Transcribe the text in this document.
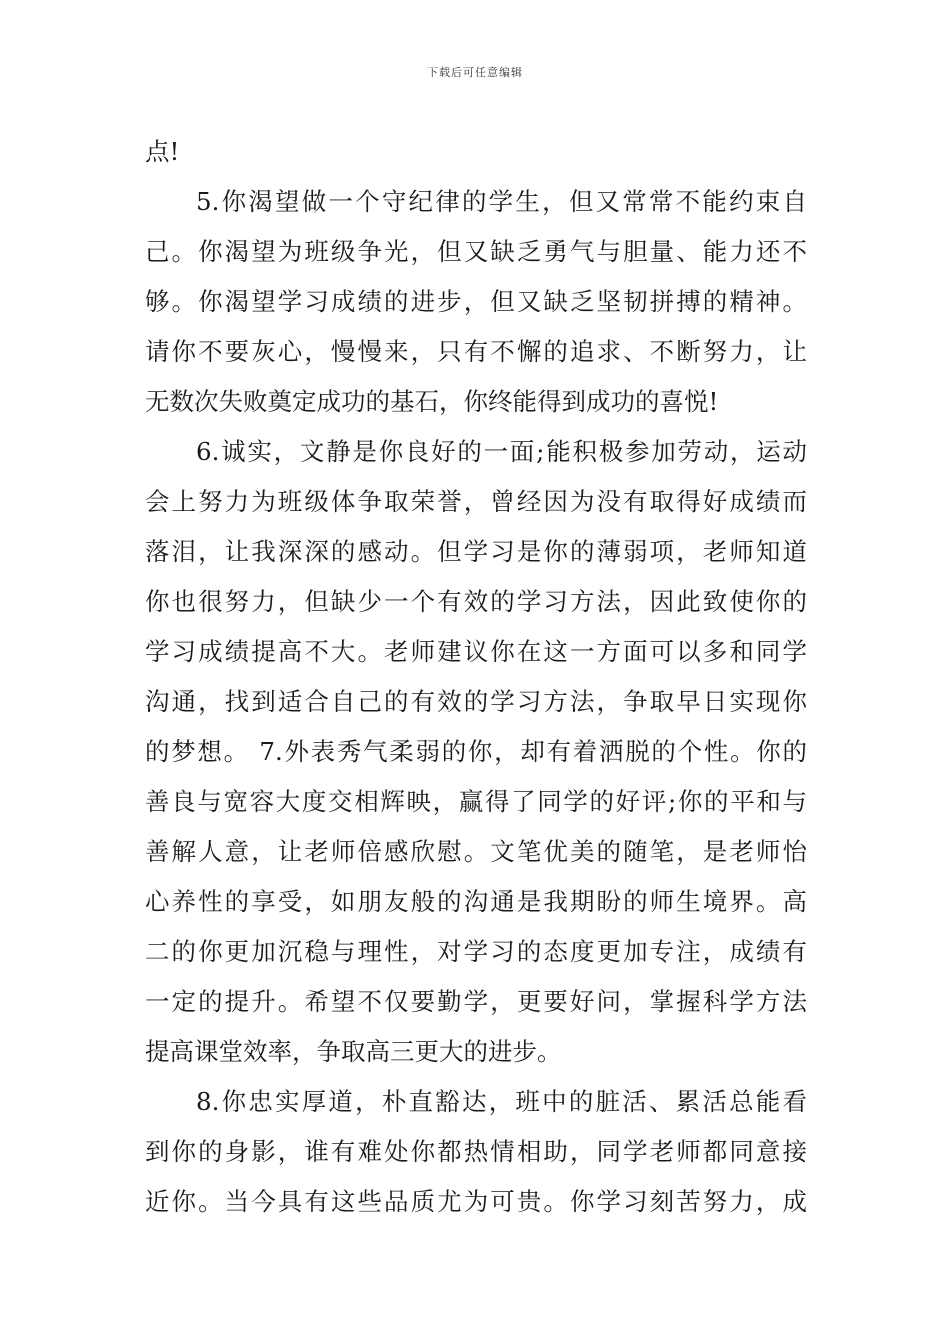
下载后可任意编辑
点!
5.你渴望做一个守纪律的学生，但又常常不能约束自
己。你渴望为班级争光，但又缺乏勇气与胆量、能力还不
够。你渴望学习成绩的进步，但又缺乏坚韧拼搏的精神。
请你不要灰心，慢慢来，只有不懈的追求、不断努力，让
无数次失败奠定成功的基石，你终能得到成功的喜悦!
6.诚实，文静是你良好的一面;能积极参加劳动，运动
会上努力为班级体争取荣誉，曾经因为没有取得好成绩而
落泪，让我深深的感动。但学习是你的薄弱项，老师知道
你也很努力，但缺少一个有效的学习方法，因此致使你的
学习成绩提高不大。老师建议你在这一方面可以多和同学
沟通，找到适合自己的有效的学习方法，争取早日实现你
的梦想。 7.外表秀气柔弱的你，却有着洒脱的个性。你的
善良与宽容大度交相辉映，赢得了同学的好评;你的平和与
善解人意，让老师倍感欣慰。文笔优美的随笔，是老师怡
心养性的享受，如朋友般的沟通是我期盼的师生境界。高
二的你更加沉稳与理性，对学习的态度更加专注，成绩有
一定的提升。希望不仅要勤学，更要好问，掌握科学方法
提高课堂效率，争取高三更大的进步。
8.你忠实厚道，朴直豁达，班中的脏活、累活总能看
到你的身影，谁有难处你都热情相助，同学老师都同意接
近你。当今具有这些品质尤为可贵。你学习刻苦努力，成
